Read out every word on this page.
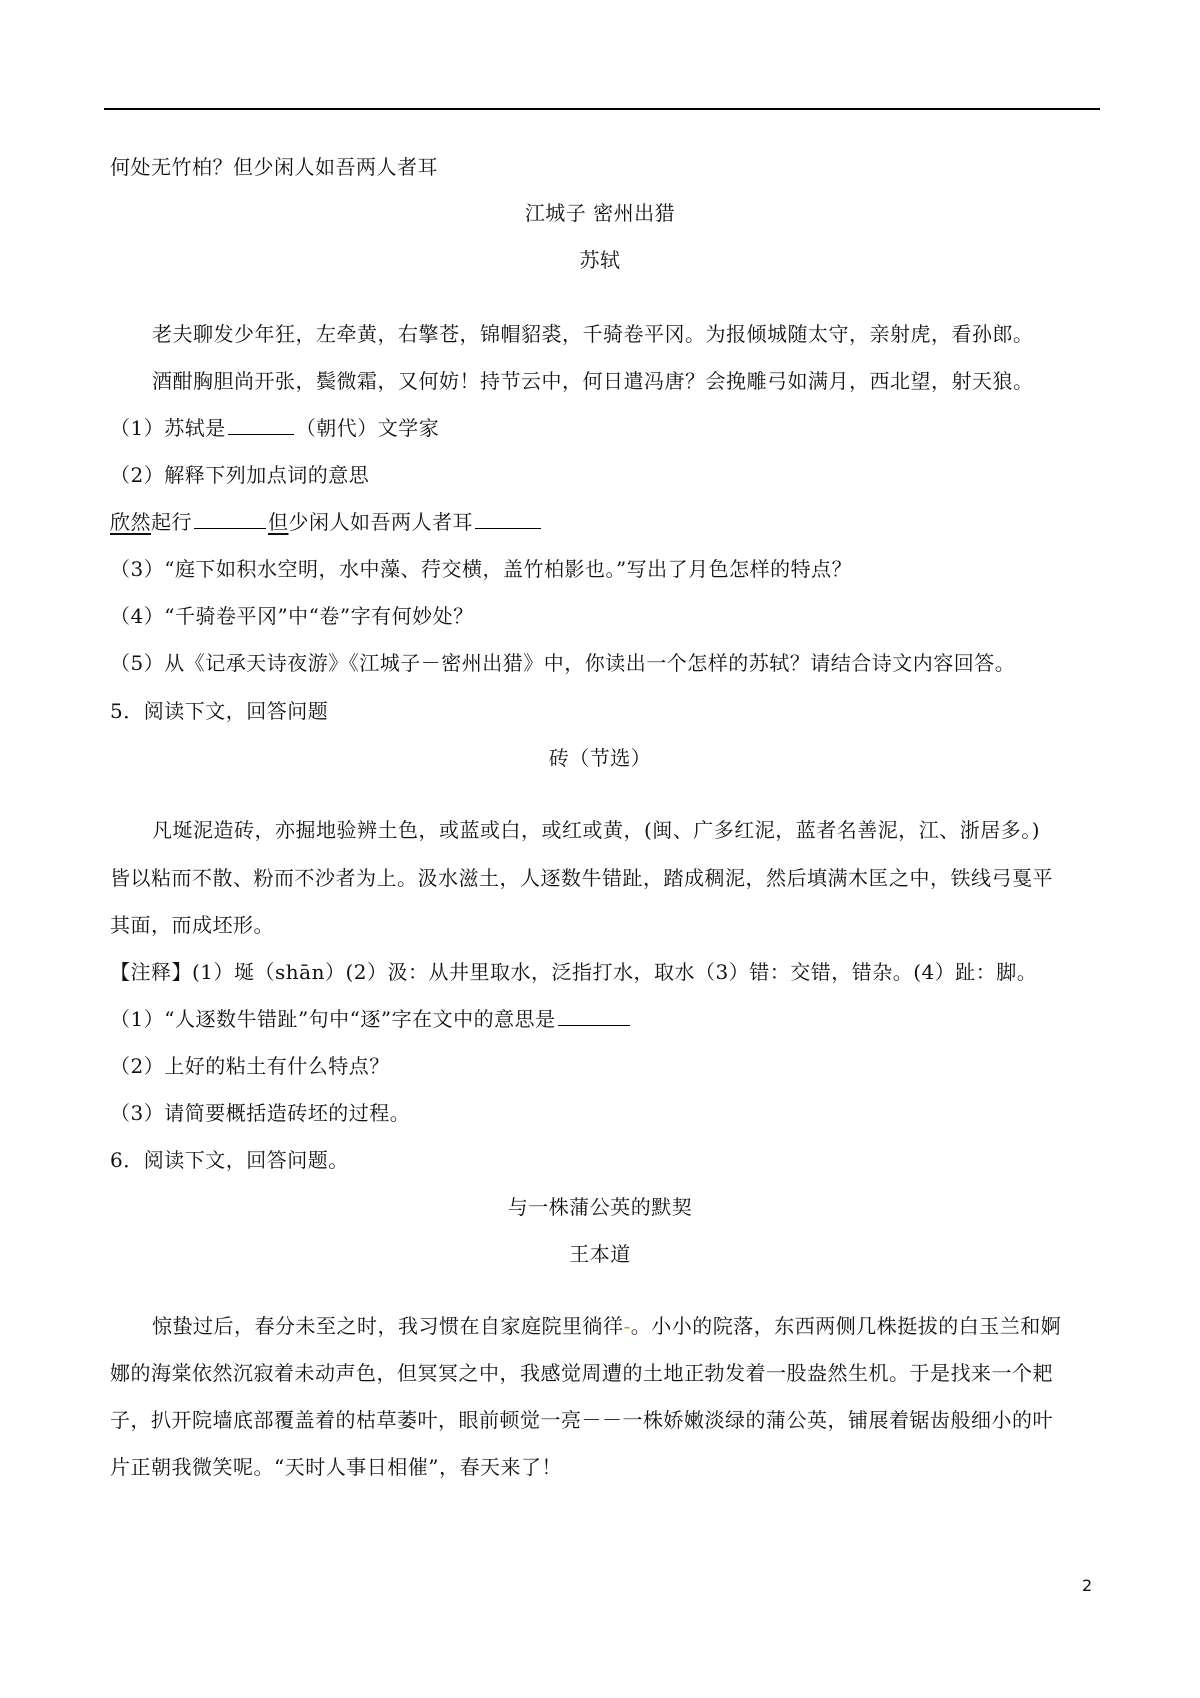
何处无竹柏？但少闲人如吾两人者耳
江城子 密州出猎
苏轼
老夫聊发少年狂，左牵黄，右擎苍，锦帽貂裘，千骑卷平冈。为报倾城随太守，亲射虎，看孙郎。
酒酣胸胆尚开张，鬓微霜，又何妨！持节云中，何日遣冯唐？会挽雕弓如满月，西北望，射天狼。
（1）苏轼是	（朝代）文学家
（2）解释下列加点词的意思
欣然起行	但少闲人如吾两人者耳
（3）“庭下如积水空明，水中藻、荇交横，盖竹柏影也。”写出了月色怎样的特点？
（4）“千骑卷平冈”中“卷”字有何妙处？
（5）从《记承天诗夜游》《江城子－密州出猎》中，你读出一个怎样的苏轼？请结合诗文内容回答。
5．阅读下文，回答问题
砖（节选）
凡埏泥造砖，亦掘地验辨土色，或蓝或白，或红或黄，(闽、广多红泥，蓝者名善泥，江、浙居多。)
皆以粘而不散、粉而不沙者为上。汲水滋土，人逐数牛错趾，踏成稠泥，然后填满木匡之中，铁线弓戛平
其面，而成坯形。
【注释】(1）埏（shān）(2）汲：从井里取水，泛指打水，取水（3）错：交错，错杂。(4）趾：脚。
（1）“人逐数牛错趾”句中“逐”字在文中的意思是
（2）上好的粘土有什么特点？
（3）请简要概括造砖坯的过程。
6．阅读下文，回答问题。
与一株蒲公英的默契
王本道
惊蛰过后，春分未至之时，我习惯在自家庭院里徜徉-。小小的院落，东西两侧几株挺拔的白玉兰和婀
娜的海棠依然沉寂着未动声色，但冥冥之中，我感觉周遭的土地正勃发着一股盎然生机。于是找来一个耙
子，扒开院墙底部覆盖着的枯草萎叶，眼前顿觉一亮－－一株娇嫩淡绿的蒲公英，铺展着锯齿般细小的叶
片正朝我微笑呢。“天时人事日相催”，春天来了！
2
